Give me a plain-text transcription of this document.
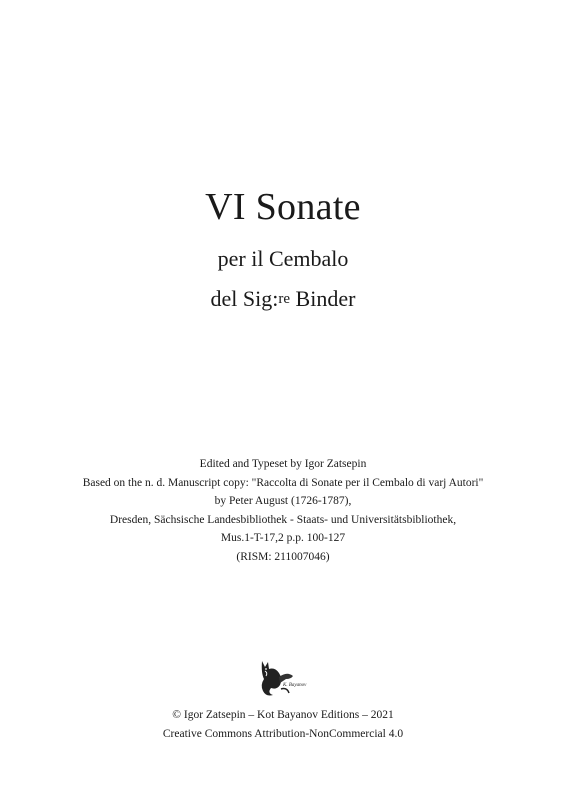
VI Sonate
per il Cembalo
del Sig:$^{re}$ Binder
Edited and Typeset by Igor Zatsepin
Based on the n. d. Manuscript copy: "Raccolta di Sonate per il Cembalo di varj Autori"
by Peter August (1726-1787),
Dresden, Sächsische Landesbibliothek - Staats- und Universitätsbibliothek,
Mus.1-T-17,2 p.p. 100-127
(RISM: 211007046)
K. Bayanov
© Igor Zatsepin – Kot Bayanov Editions – 2021
Creative Commons Attribution-NonCommercial 4.0
